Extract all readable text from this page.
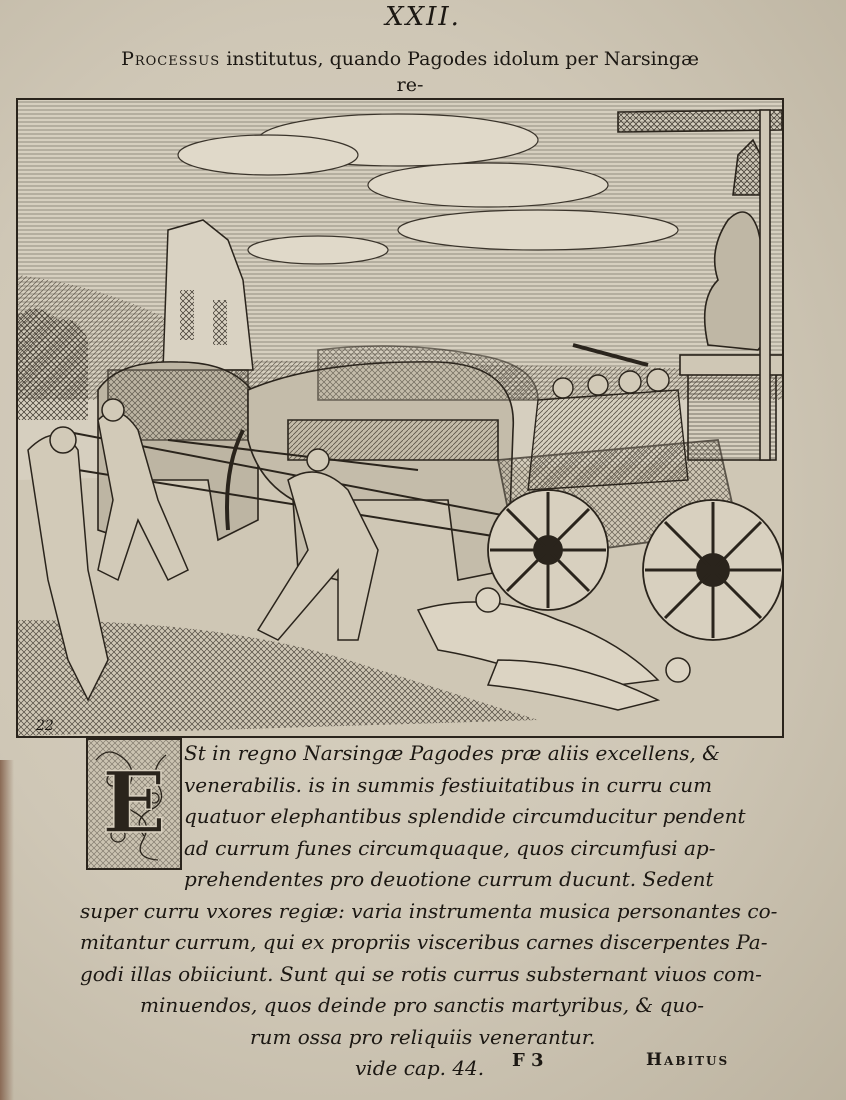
XXII.
Processus institutus, quando Pagodes idolum per Narsingæ re-

22
E St in regno Narsingæ Pagodes præ aliis excellens, &
venerabilis. is in summis festiuitatibus in curru cum
quatuor elephantibus splendide circumducitur pendent
ad currum funes circumquaque, quos circumfusi ap-
prehendentes pro deuotione currum ducunt. Sedent
super curru vxores regiæ: varia instrumenta musica personantes co-
mitantur currum, qui ex propriis visceribus carnes discerpentes Pa-
godi illas obiiciunt. Sunt qui se rotis currus substernant viuos com-
minuendos, quos deinde pro sanctis martyribus, & quo-
rum ossa pro reliquiis venerantur.
vide cap. 44. F 3	Habitus
